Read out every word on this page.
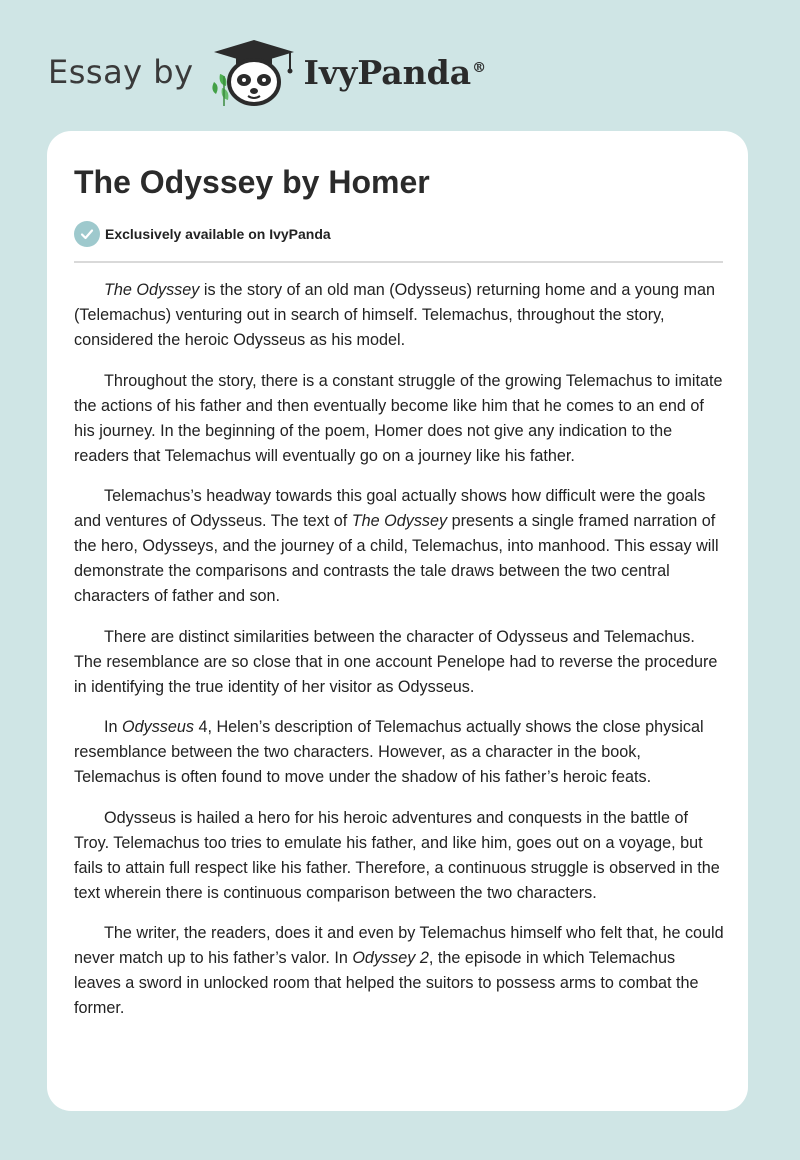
Essay by	IvyPanda®
The Odyssey by Homer
Exclusively available on IvyPanda

The Odyssey is the story of an old man (Odysseus) returning home and a young man (Telemachus) venturing out in search of himself. Telemachus, throughout the story, considered the heroic Odysseus as his model.

Throughout the story, there is a constant struggle of the growing Telemachus to imitate the actions of his father and then eventually become like him that he comes to an end of his journey. In the beginning of the poem, Homer does not give any indication to the readers that Telemachus will eventually go on a journey like his father.

Telemachus’s headway towards this goal actually shows how difficult were the goals and ventures of Odysseus. The text of The Odyssey presents a single framed narration of the hero, Odysseys, and the journey of a child, Telemachus, into manhood. This essay will demonstrate the comparisons and contrasts the tale draws between the two central characters of father and son.

There are distinct similarities between the character of Odysseus and Telemachus. The resemblance are so close that in one account Penelope had to reverse the procedure in identifying the true identity of her visitor as Odysseus.

In Odysseus 4, Helen’s description of Telemachus actually shows the close physical resemblance between the two characters. However, as a character in the book, Telemachus is often found to move under the shadow of his father’s heroic feats.

Odysseus is hailed a hero for his heroic adventures and conquests in the battle of Troy. Telemachus too tries to emulate his father, and like him, goes out on a voyage, but fails to attain full respect like his father. Therefore, a continuous struggle is observed in the text wherein there is continuous comparison between the two characters.

The writer, the readers, does it and even by Telemachus himself who felt that, he could never match up to his father’s valor. In Odyssey 2, the episode in which Telemachus leaves a sword in unlocked room that helped the suitors to possess arms to combat the former.
